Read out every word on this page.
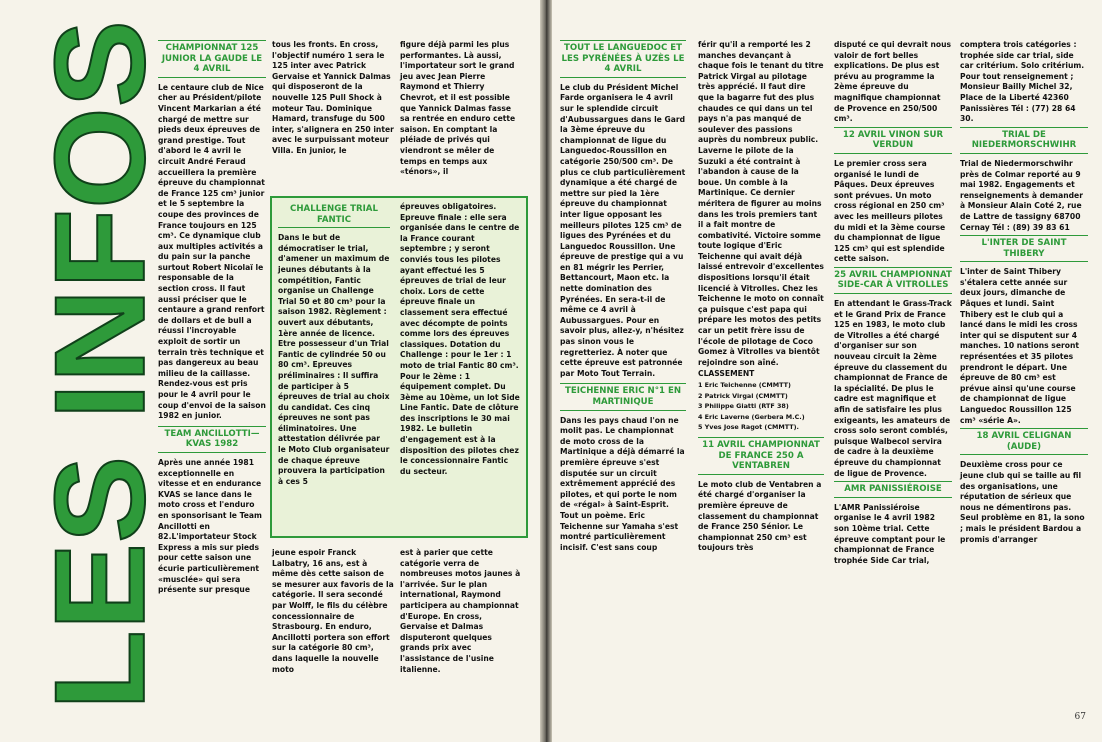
LES INFOS
CHAMPIONNAT 125 JUNIOR LA GAUDE LE 4 AVRIL

Le centaure club de Nice cher au Président/pilote Vincent Markarian a été chargé de mettre sur pieds deux épreuves de grand prestige. Tout d'abord le 4 avril le circuit André Feraud accueillera la première épreuve du championnat de France 125 cm³ junior et le 5 septembre la coupe des provinces de France toujours en 125 cm³. Ce dynamique club aux multiples activités a du pain sur la panche surtout Robert Nicolaï le responsable de la section cross. Il faut aussi préciser que le centaure a grand renfort de dollars et de bull a réussi l'incroyable exploit de sortir un terrain très technique et pas dangereux au beau milieu de la caillasse. Rendez-vous est pris pour le 4 avril pour le coup d'envoi de la saison 1982 en junior.

TEAM ANCILLOTTI—KVAS 1982

Après une année 1981 exceptionnelle en vitesse et en endurance KVAS se lance dans le moto cross et l'enduro en sponsorisant le Team Ancillotti en 82.L'importateur Stock Express a mis sur pieds pour cette saison une écurie particulièrement «musclée» qui sera présente sur presque

tous les fronts. En cross, l'objectif numéro 1 sera le 125 inter avec Patrick Gervaise et Yannick Dalmas qui disposeront de la nouvelle 125 Pull Shock à moteur Tau. Dominique Hamard, transfuge du 500 inter, s'alignera en 250 inter avec le surpuissant moteur Villa. En junior, le

jeune espoir Franck Lalbatry, 16 ans, est à même dès cette saison de se mesurer aux favoris de la catégorie. Il sera secondé par Wolff, le fils du célèbre concessionnaire de Strasbourg. En enduro, Ancillotti portera son effort sur la catégorie 80 cm³, dans laquelle la nouvelle moto

figure déjà parmi les plus performantes. Là aussi, l'importateur sort le grand jeu avec Jean Pierre Raymond et Thierry Chevrot, et il est possible que Yannick Dalmas fasse sa rentrée en enduro cette saison. En comptant la pléiade de privés qui viendront se mêler de temps en temps aux «ténors», il

est à parier que cette catégorie verra de nombreuses motos jaunes à l'arrivée. Sur le plan international, Raymond participera au championnat d'Europe. En cross, Gervaise et Dalmas disputeront quelques grands prix avec l'assistance de l'usine italienne.

CHALLENGE TRIAL FANTIC

Dans le but de démocratiser le trial, d'amener un maximum de jeunes débutants à la compétition, Fantic organise un Challenge Trial 50 et 80 cm³ pour la saison 1982. Règlement : ouvert aux débutants, 1ère année de licence. Etre possesseur d'un Trial Fantic de cylindrée 50 ou 80 cm³. Epreuves préliminaires : Il suffira de participer à 5 épreuves de trial au choix du candidat. Ces cinq épreuves ne sont pas éliminatoires. Une attestation délivrée par le Moto Club organisateur de chaque épreuve prouvera la participation à ces 5

épreuves obligatoires. Epreuve finale : elle sera organisée dans le centre de la France courant septembre ; y seront conviés tous les pilotes ayant effectué les 5 épreuves de trial de leur choix. Lors de cette épreuve finale un classement sera effectué avec décompte de points comme lors des épreuves classiques. Dotation du Challenge : pour le 1er : 1 moto de trial Fantic 80 cm³. Pour le 2ème : 1 équipement complet. Du 3ème au 10ème, un lot Side Line Fantic. Date de clôture des inscriptions le 30 mai 1982. Le bulletin d'engagement est à la disposition des pilotes chez le concessionnaire Fantic du secteur.

TOUT LE LANGUEDOC ET LES PYRÉNÉES À UZÈS LE 4 AVRIL

Le club du Président Michel Farde organisera le 4 avril sur le splendide circuit d'Aubussargues dans le Gard la 3ème épreuve du championnat de ligue du Languedoc-Roussillon en catégorie 250/500 cm³. De plus ce club particulièrement dynamique a été chargé de mettre sur pied la 1ère épreuve du championnat inter ligue opposant les meilleurs pilotes 125 cm³ de ligues des Pyrénées et du Languedoc Roussillon. Une épreuve de prestige qui a vu en 81 mégrir les Perrier, Bettancourt, Maon etc. la nette domination des Pyrénées. En sera-t-il de même ce 4 avril à Aubussargues. Pour en savoir plus, allez-y, n'hésitez pas sinon vous le regretteriez. À noter que cette épreuve est patronnée par Moto Tout Terrain.

TEICHENNE ERIC N°1 EN MARTINIQUE

Dans les pays chaud l'on ne molit pas. Le championnat de moto cross de la Martinique a déjà démarré la première épreuve s'est disputée sur un circuit extrêmement apprécié des pilotes, et qui porte le nom de «régal» à Saint-Esprit. Tout un poème. Eric Teichenne sur Yamaha s'est montré particulièrement incisif. C'est sans coup

férir qu'il a remporté les 2 manches devançant à chaque fois le tenant du titre Patrick Virgal au pilotage très apprécié. Il faut dire que la bagarre fut des plus chaudes ce qui dans un tel pays n'a pas manqué de soulever des passions auprès du nombreux public. Laverne le pilote de la Suzuki a été contraint à l'abandon à cause de la boue. Un comble à la Martinique. Ce dernier méritera de figurer au moins dans les trois premiers tant il a fait montre de combativité. Victoire somme toute logique d'Eric Teichenne qui avait déjà laissé entrevoir d'excellentes dispositions lorsqu'il était licencié à Vitrolles. Chez les Teichenne le moto on connaît ça puisque c'est papa qui prépare les motos des petits car un petit frère issu de l'école de pilotage de Coco Gomez à Vitrolles va bientôt rejoindre son aîné.

CLASSEMENT

1 Eric Teichenne (CMMTT)

2 Patrick Virgal (CMMTT)

3 Philippe Giatti (RTF 38)

4 Eric Laverne (Gerbera M.C.)

5 Yves Jose Ragot (CMMTT).

11 AVRIL CHAMPIONNAT DE FRANCE 250 A VENTABREN

Le moto club de Ventabren a été chargé d'organiser la première épreuve de classement du championnat de France 250 Sénior. Le championnat 250 cm³ est toujours très

disputé ce qui devrait nous valoir de fort belles explications. De plus est prévu au programme la 2ème épreuve du magnifique championnat de Provence en 250/500 cm³.

12 AVRIL VINON SUR VERDUN

Le premier cross sera organisé le lundi de Pâques. Deux épreuves sont prévues. Un moto cross régional en 250 cm³ avec les meilleurs pilotes du midi et la 3ème course du championnat de ligue 125 cm³ qui est splendide cette saison.

25 AVRIL CHAMPIONNAT SIDE-CAR À VITROLLES

En attendant le Grass-Track et le Grand Prix de France 125 en 1983, le moto club de Vitrolles a été chargé d'organiser sur son nouveau circuit la 2ème épreuve du classement du championnat de France de la spécialité. De plus le cadre est magnifique et afin de satisfaire les plus exigeants, les amateurs de cross solo seront comblés, puisque Walbecol servira de cadre à la deuxième épreuve du championnat de ligue de Provence.

AMR PANISSIÉROISE

L'AMR Panissiéroise organise le 4 avril 1982 son 10ème trial. Cette épreuve comptant pour le championnat de France trophée Side Car trial,

comptera trois catégories : trophée side car trial, side car critérium. Solo critérium. Pour tout renseignement ; Monsieur Bailly Michel 32, Place de la Liberté 42360 Panissières Tél : (77) 28 64 30.

TRIAL DE NIEDERMORSCHWIHR

Trial de Niedermorschwihr près de Colmar reporté au 9 mai 1982. Engagements et renseignements à demander à Monsieur Alain Coté 2, rue de Lattre de tassigny 68700 Cernay Tél : (89) 39 83 61

L'INTER DE SAINT THIBERY

L'inter de Saint Thibery s'étalera cette année sur deux jours, dimanche de Pâques et lundi. Saint Thibery est le club qui a lancé dans le midi les cross inter qui se disputent sur 4 manches. 10 nations seront représentées et 35 pilotes prendront le départ. Une épreuve de 80 cm³ est prévue ainsi qu'une course de championnat de ligue Languedoc Roussillon 125 cm³ «série A».

18 AVRIL CELIGNAN (AUDE)

Deuxième cross pour ce jeune club qui se taille au fil des organisations, une réputation de sérieux que nous ne démentirons pas. Seul problème en 81, la sono ; mais le président Bardou a promis d'arranger

67
